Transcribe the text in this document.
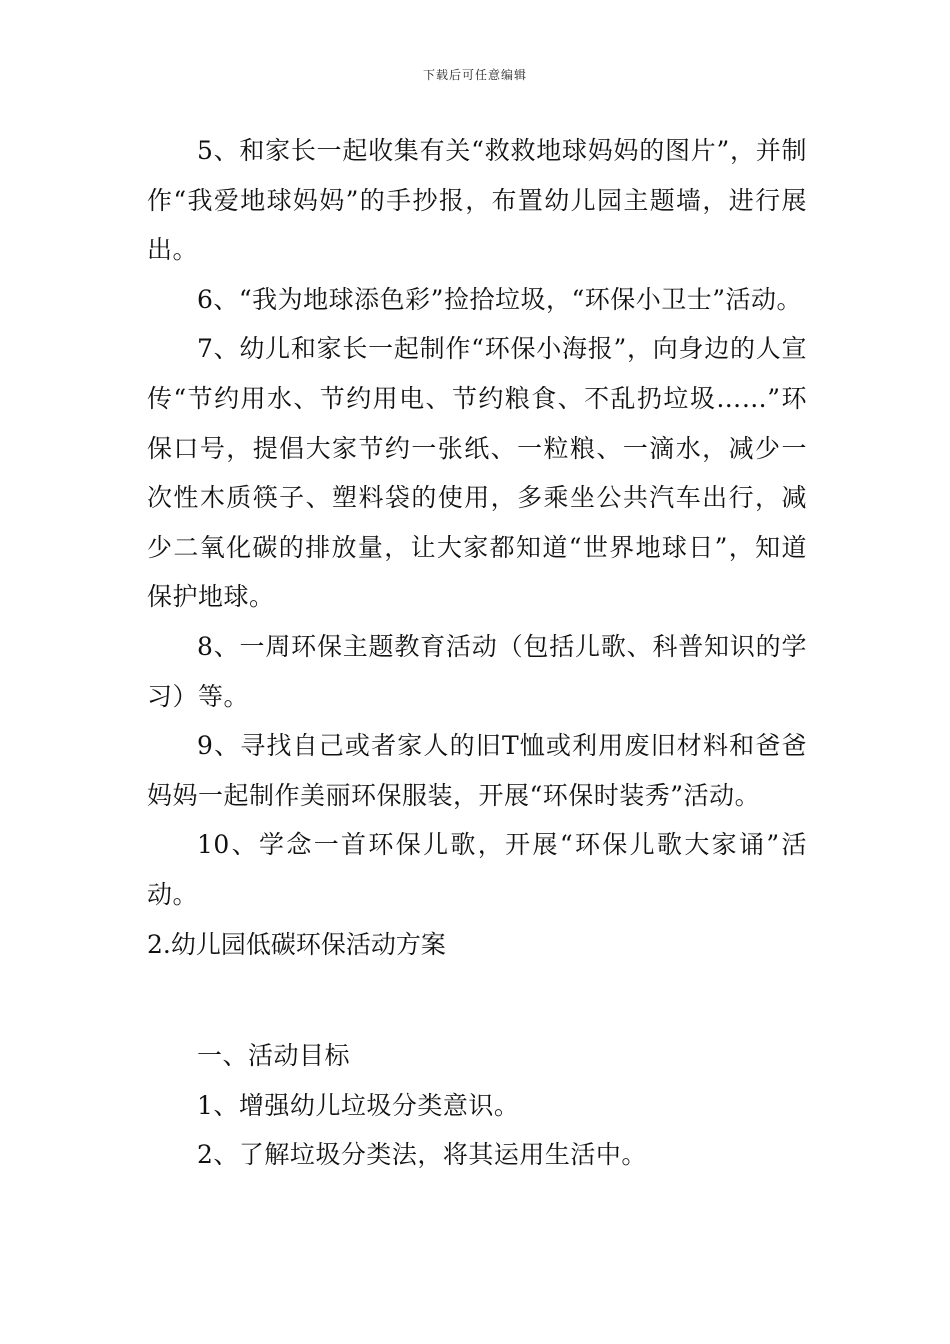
下载后可任意编辑

5、和家长一起收集有关“救救地球妈妈的图片”，并制作“我爱地球妈妈”的手抄报，布置幼儿园主题墙，进行展出。

6、“我为地球添色彩”捡拾垃圾，“环保小卫士”活动。

7、幼儿和家长一起制作“环保小海报”，向身边的人宣传“节约用水、节约用电、节约粮食、不乱扔垃圾……”环保口号，提倡大家节约一张纸、一粒粮、一滴水，减少一次性木质筷子、塑料袋的使用，多乘坐公共汽车出行，减少二氧化碳的排放量，让大家都知道“世界地球日”，知道保护地球。

8、一周环保主题教育活动（包括儿歌、科普知识的学习）等。

9、寻找自己或者家人的旧T恤或利用废旧材料和爸爸妈妈一起制作美丽环保服装，开展“环保时装秀”活动。

10、学念一首环保儿歌，开展“环保儿歌大家诵”活动。

2.幼儿园低碳环保活动方案

一、活动目标

1、增强幼儿垃圾分类意识。

2、了解垃圾分类法，将其运用生活中。
